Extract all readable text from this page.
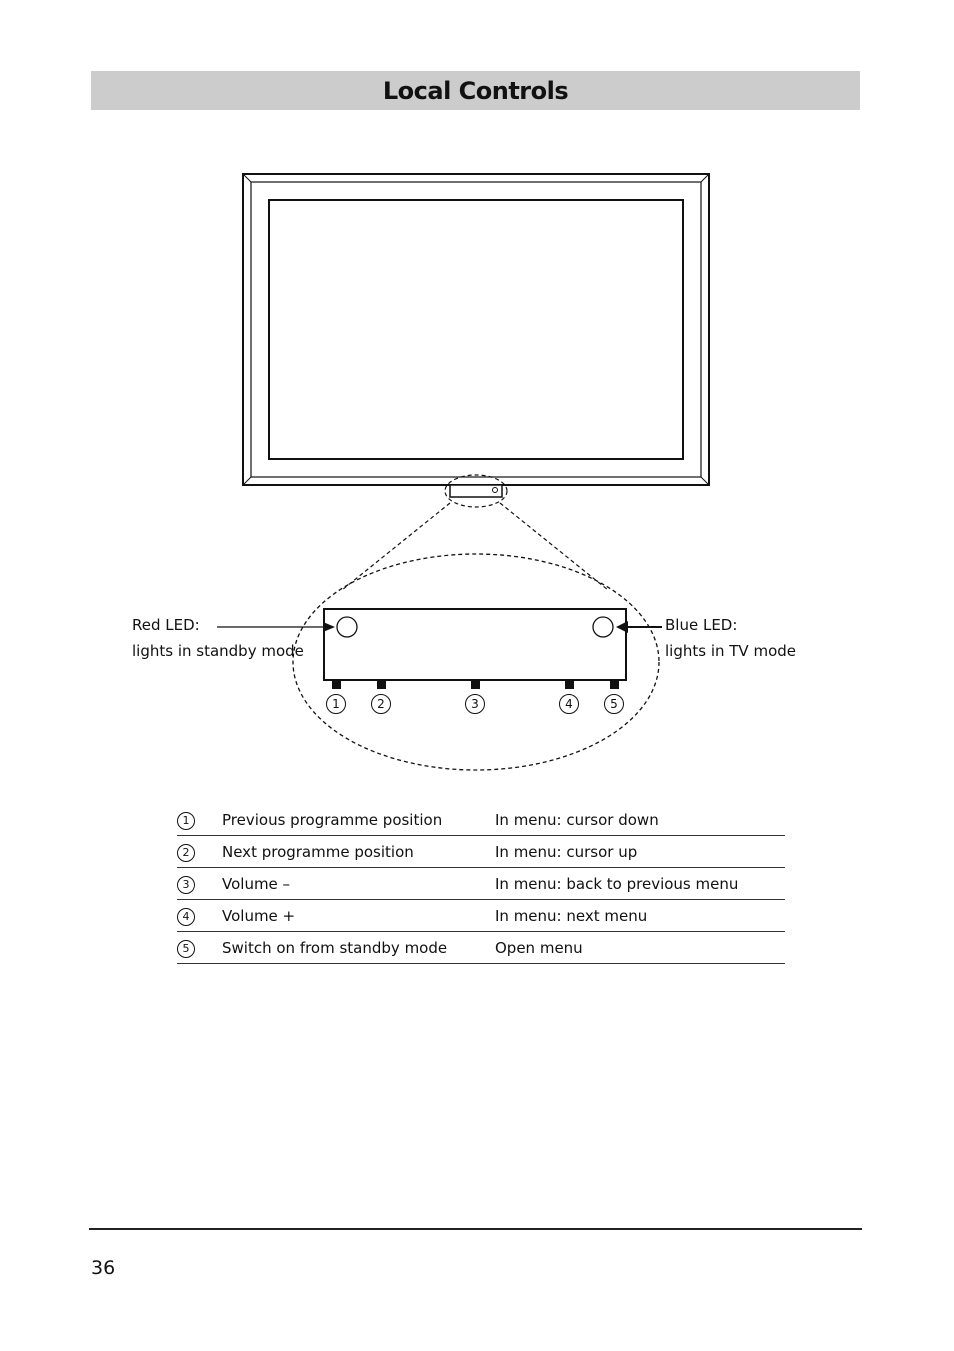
Local Controls
Red LED:
lights in standby mode
Blue LED:
lights in TV mode
1	2	3	4	5
1	Previous programme position	In menu: cursor down
2	Next programme position	In menu: cursor up
3	Volume –	In menu: back to previous menu
4	Volume +	In menu: next menu
5	Switch on from standby mode	Open menu
36
